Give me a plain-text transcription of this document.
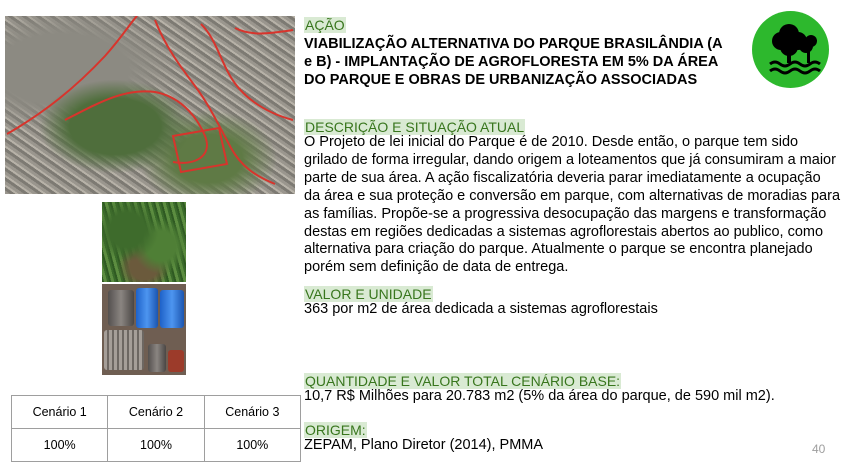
AÇÃO
VIABILIZAÇÃO ALTERNATIVA DO PARQUE BRASILÂNDIA (A e B) - IMPLANTAÇÃO DE AGROFLORESTA EM 5% DA ÁREA DO PARQUE E OBRAS DE URBANIZAÇÃO ASSOCIADAS
DESCRIÇÃO E SITUAÇÃO ATUAL
O Projeto de lei inicial do Parque é de 2010. Desde então, o parque tem sido grilado de forma irregular, dando origem a loteamentos que já consumiram a maior parte de sua área. A ação fiscalizatória deveria parar imediatamente a ocupação da área e sua proteção e conversão em parque, com alternativas de moradias para as famílias. Propõe-se a progressiva desocupação das margens e transformação destas em regiões dedicadas a sistemas agroflorestais abertos ao publico, como alternativa para criação do parque. Atualmente o parque se encontra planejado porém sem definição de data de entrega.
VALOR E UNIDADE
363 por m2 de área dedicada a sistemas agroflorestais
QUANTIDADE E VALOR TOTAL CENÁRIO BASE:
10,7 R$ Milhões para 20.783 m2 (5% da área do parque, de 590 mil m2).
ORIGEM:
ZEPAM, Plano Diretor (2014), PMMA
Cenário 1	Cenário 2	Cenário 3
100%	100%	100%	40
